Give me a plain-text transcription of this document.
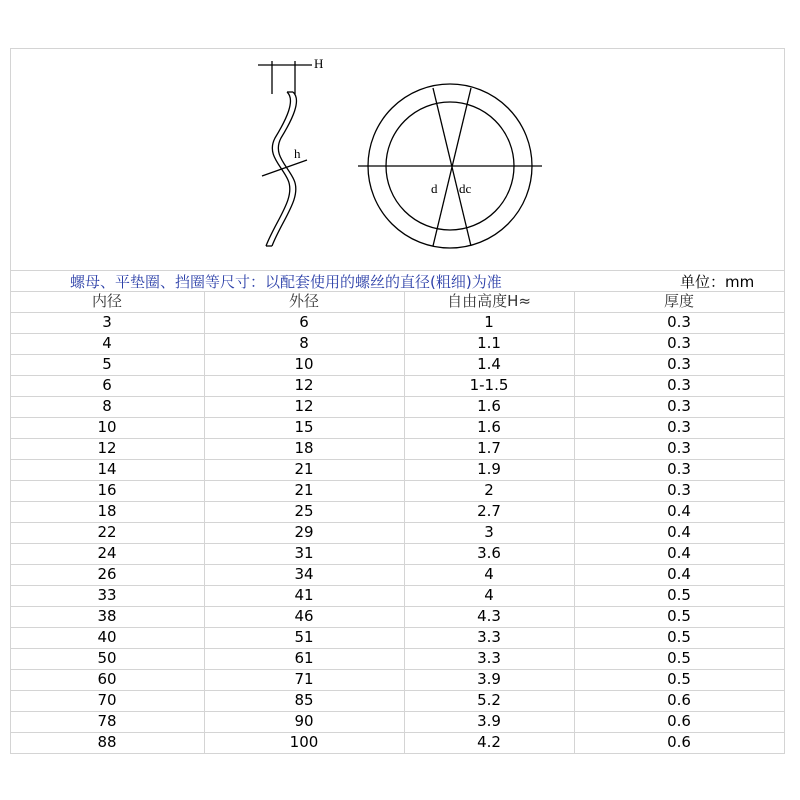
H
h
d dc
螺母、平垫圈、挡圈等尺寸：以配套使用的螺丝的直径(粗细)为准	单位：mm
内径	外径	自由高度H≈	厚度
3	6	1	0.3
4	8	1.1	0.3
5	10	1.4	0.3
6	12	1-1.5	0.3
8	12	1.6	0.3
10	15	1.6	0.3
12	18	1.7	0.3
14	21	1.9	0.3
16	21	2	0.3
18	25	2.7	0.4
22	29	3	0.4
24	31	3.6	0.4
26	34	4	0.4
33	41	4	0.5
38	46	4.3	0.5
40	51	3.3	0.5
50	61	3.3	0.5
60	71	3.9	0.5
70	85	5.2	0.6
78	90	3.9	0.6
88	100	4.2	0.6
